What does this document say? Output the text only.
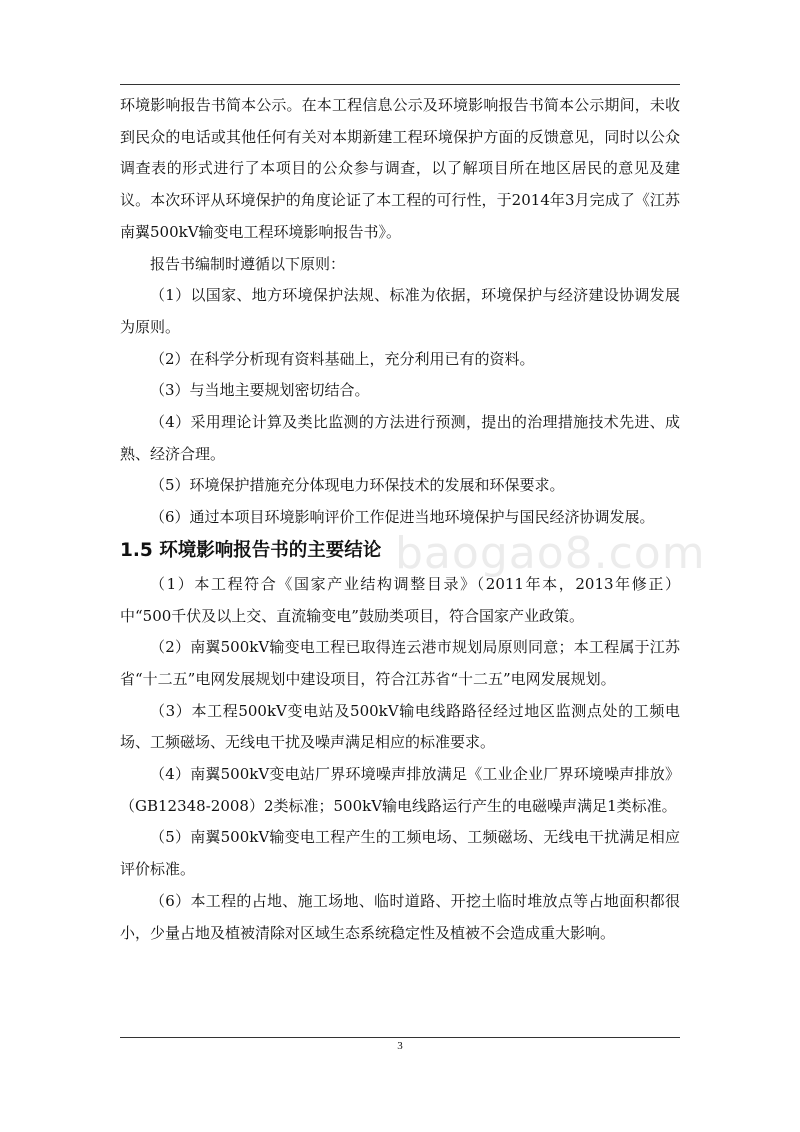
环境影响报告书简本公示。在本工程信息公示及环境影响报告书简本公示期间，未收到民众的电话或其他任何有关对本期新建工程环境保护方面的反馈意见，同时以公众调查表的形式进行了本项目的公众参与调查，以了解项目所在地区居民的意见及建议。本次环评从环境保护的角度论证了本工程的可行性，于2014年3月完成了《江苏南翼500kV输变电工程环境影响报告书》。

报告书编制时遵循以下原则：

（1）以国家、地方环境保护法规、标准为依据，环境保护与经济建设协调发展为原则。

（2）在科学分析现有资料基础上，充分利用已有的资料。

（3）与当地主要规划密切结合。

（4）采用理论计算及类比监测的方法进行预测，提出的治理措施技术先进、成熟、经济合理。

（5）环境保护措施充分体现电力环保技术的发展和环保要求。

（6）通过本项目环境影响评价工作促进当地环境保护与国民经济协调发展。

1.5 环境影响报告书的主要结论

（1）本工程符合《国家产业结构调整目录》（2011年本，2013年修正）中“500千伏及以上交、直流输变电”鼓励类项目，符合国家产业政策。

（2）南翼500kV输变电工程已取得连云港市规划局原则同意；本工程属于江苏省“十二五”电网发展规划中建设项目，符合江苏省“十二五”电网发展规划。

（3）本工程500kV变电站及500kV输电线路路径经过地区监测点处的工频电场、工频磁场、无线电干扰及噪声满足相应的标准要求。

（4）南翼500kV变电站厂界环境噪声排放满足《工业企业厂界环境噪声排放》（GB12348-2008）2类标准；500kV输电线路运行产生的电磁噪声满足1类标准。

（5）南翼500kV输变电工程产生的工频电场、工频磁场、无线电干扰满足相应评价标准。

（6）本工程的占地、施工场地、临时道路、开挖土临时堆放点等占地面积都很小，少量占地及植被清除对区域生态系统稳定性及植被不会造成重大影响。

baogao8.com
3
